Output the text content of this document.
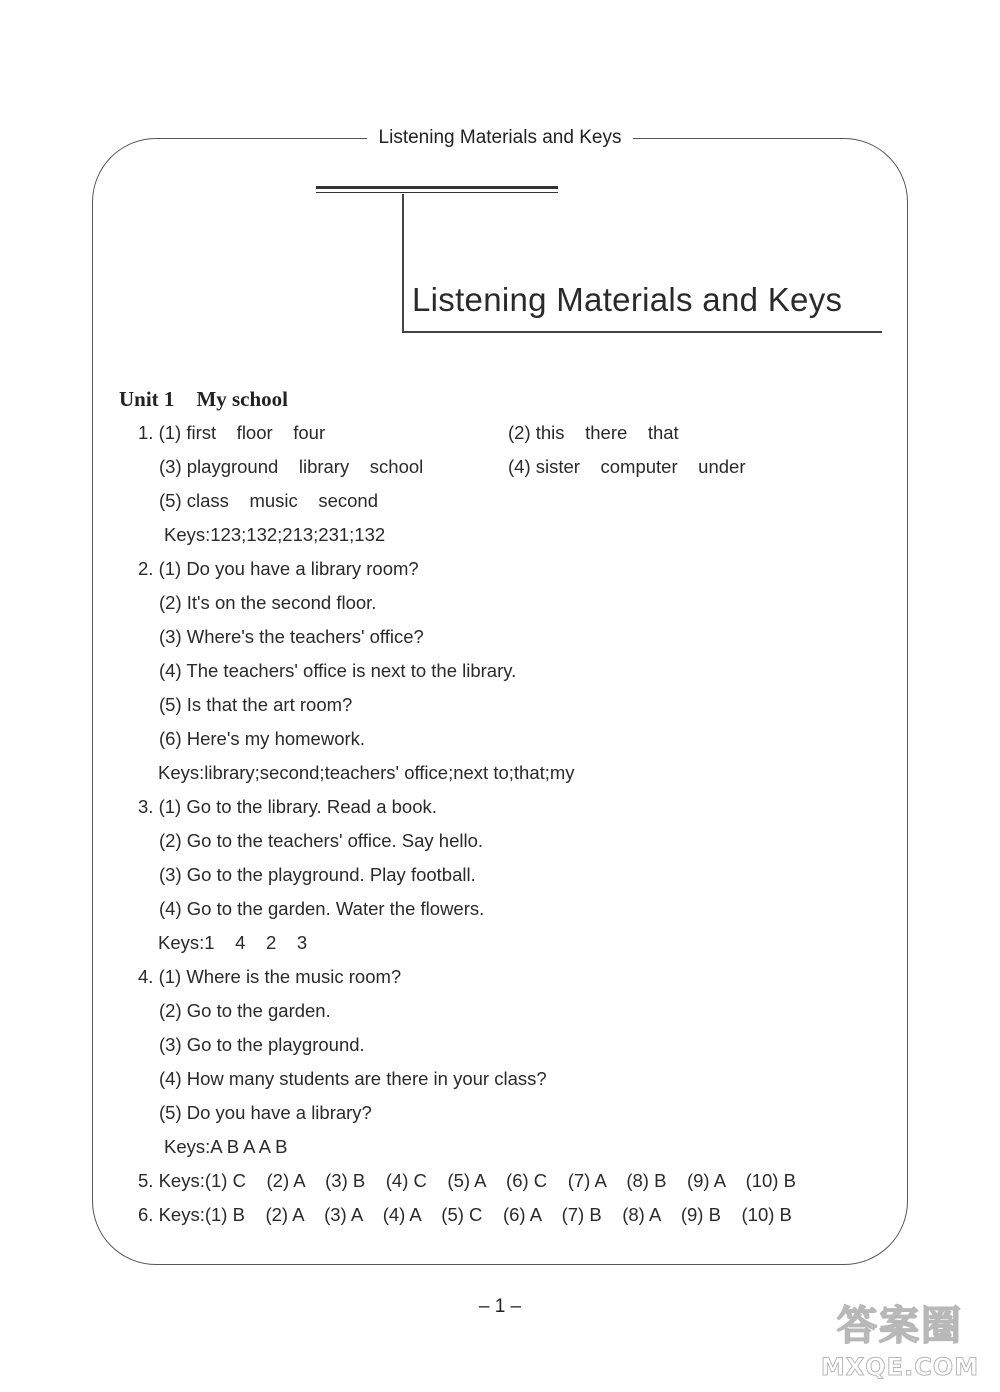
Listening Materials and Keys
Listening Materials and Keys
Unit 1 My school
1. (1) first    floor    four
(3) playground    library    school
(5) class    music    second
Keys:123;132;213;231;132
2. (1) Do you have a library room?
(2) It's on the second floor.
(3) Where's the teachers' office?
(4) The teachers' office is next to the library.
(5) Is that the art room?
(6) Here's my homework.
Keys:library;second;teachers' office;next to;that;my
3. (1) Go to the library. Read a book.
(2) Go to the teachers' office. Say hello.
(3) Go to the playground. Play football.
(4) Go to the garden. Water the flowers.
Keys:1    4    2    3
4. (1) Where is the music room?
(2) Go to the garden.
(3) Go to the playground.
(4) How many students are there in your class?
(5) Do you have a library?
Keys:A B A A B
5. Keys:(1) C    (2) A    (3) B    (4) C    (5) A    (6) C    (7) A    (8) B    (9) A    (10) B
6. Keys:(1) B    (2) A    (3) A    (4) A    (5) C    (6) A    (7) B    (8) A    (9) B    (10) B
(2) this    there    that
(4) sister    computer    under
– 1 –	答案圈
MXQE.COM
